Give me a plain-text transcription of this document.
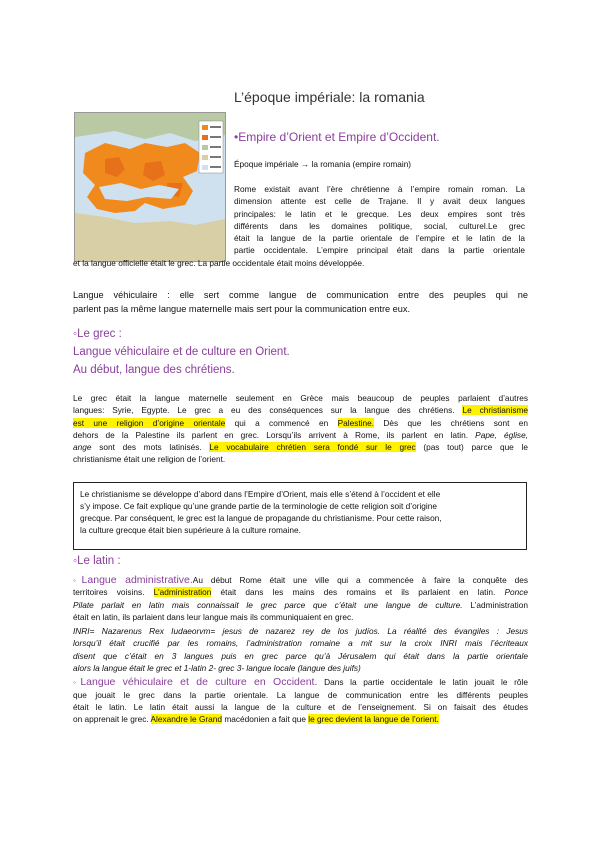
L’époque impériale: la romania
•Empire d’Orient et Empire d’Occident.
Époque impériale → la romania (empire romain)
Rome existait avant l’ère chrétienne à l’empire romain roman. La
dimension attente est celle de Trajane. Il y avait deux langues
principales: le latin et le grecque. Les deux empires sont très
différents dans les domaines politique, social, culturel.Le grec
était la langue de la partie orientale de l’empire et le latin de la
partie occidentale. L’empire principal était dans la partie orientale
et la langue officielle était le grec. La partie occidentale était moins développée.
Langue véhiculaire : elle sert comme langue de communication entre des peuples qui ne
parlent pas la même langue maternelle mais sert pour la communication entre eux.
◦Le grec :
Langue véhiculaire et de culture en Orient.
Au début, langue des chrétiens.
Le grec était la langue maternelle seulement en Grèce mais beaucoup de peuples parlaient d’autres
langues: Syrie, Egypte. Le grec a eu des conséquences sur la langue des chrétiens. Le christianisme
est une religion d’origine orientale qui a commencé en Palestine. Dès que les chrétiens sont en
dehors de la Palestine ils parlent en grec. Lorsqu’ils arrivent à Rome, ils parlent en latin. Pape, église,
ange sont des mots latinisés. Le vocabulaire chrétien sera fondé sur le grec (pas tout) parce que le
christianisme était une religion de l’orient.
Le christianisme se développe d’abord dans l’Empire d’Orient, mais elle s’étend à l’occident et elle
s’y impose. Ce fait explique qu’une grande partie de la terminologie de cette religion soit d’origine
grecque. Par conséquent, le grec est la langue de propagande du christianisme. Pour cette raison,
la culture grecque était bien supérieure à la culture romaine.
◦Le latin :
◦Langue administrative.Au début Rome était une ville qui a commencée à faire la conquête des
territoires voisins. L’administration était dans les mains des romains et ils parlaient en latin. Ponce
Pilate parlait en latin mais connaissait le grec parce que c’était une langue de culture. L’administration
était en latin, ils parlaient dans leur langue mais ils communiquaient en grec.
INRI= Nazarenus Rex Iudaeorvm= jesus de nazarez rey de los judíos. La réalité des évangiles : Jesus
lorsqu’il était crucifié par les romains, l’administration romaine a mit sur la croix INRI mais l’écriteaux
disent que c’était en 3 langues puis en grec parce qu’à Jérusalem qui était dans la partie orientale
alors la langue était le grec et 1-latin 2- grec 3- langue locale (langue des juifs)
◦Langue véhiculaire et de culture en Occident. Dans la partie occidentale le latin jouait le rôle
que jouait le grec dans la partie orientale. La langue de communication entre les différents peuples
était le latin. Le latin était aussi la langue de la culture et de l’enseignement. Si on faisait des études
on apprenait le grec. Alexandre le Grand macédonien a fait que le grec devient la langue de l’orient.
